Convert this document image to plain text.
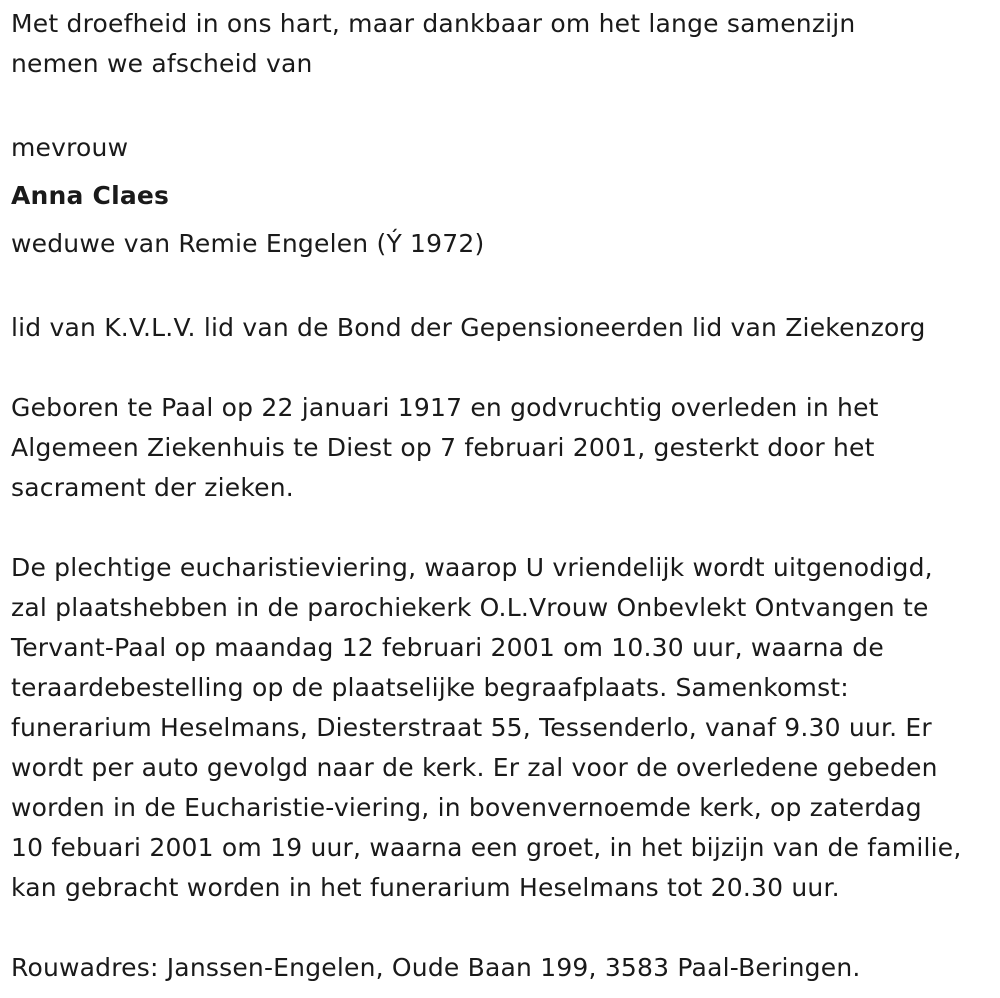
Met droefheid in ons hart, maar dankbaar om het lange samenzijn
nemen we afscheid van

mevrouw

Anna Claes

weduwe van Remie Engelen (Ý 1972)

lid van K.V.L.V. lid van de Bond der Gepensioneerden lid van Ziekenzorg

Geboren te Paal op 22 januari 1917 en godvruchtig overleden in het
Algemeen Ziekenhuis te Diest op 7 februari 2001, gesterkt door het
sacrament der zieken.

De plechtige eucharistieviering, waarop U vriendelijk wordt uitgenodigd,
zal plaatshebben in de parochiekerk O.L.Vrouw Onbevlekt Ontvangen te
Tervant-Paal op maandag 12 februari 2001 om 10.30 uur, waarna de
teraardebestelling op de plaatselijke begraafplaats. Samenkomst:
funerarium Heselmans, Diesterstraat 55, Tessenderlo, vanaf 9.30 uur. Er
wordt per auto gevolgd naar de kerk. Er zal voor de overledene gebeden
worden in de Eucharistie-viering, in bovenvernoemde kerk, op zaterdag
10 febuari 2001 om 19 uur, waarna een groet, in het bijzijn van de familie,
kan gebracht worden in het funerarium Heselmans tot 20.30 uur.

Rouwadres: Janssen-Engelen, Oude Baan 199, 3583 Paal-Beringen.
